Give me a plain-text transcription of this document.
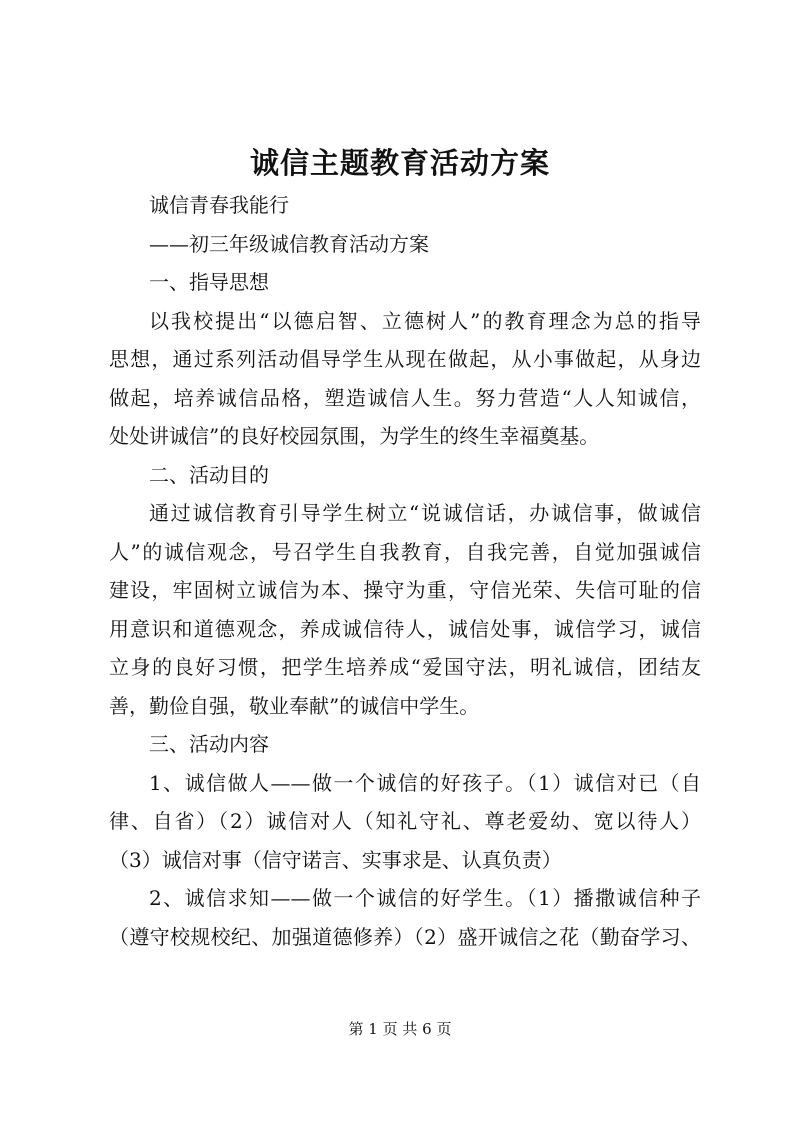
诚信主题教育活动方案
诚信青春我能行
——初三年级诚信教育活动方案
一、指导思想
以我校提出“以德启智、立德树人”的教育理念为总的指导
思想，通过系列活动倡导学生从现在做起，从小事做起，从身边
做起，培养诚信品格，塑造诚信人生。努力营造“人人知诚信，
处处讲诚信”的良好校园氛围，为学生的终生幸福奠基。
二、活动目的
通过诚信教育引导学生树立“说诚信话，办诚信事，做诚信
人”的诚信观念，号召学生自我教育，自我完善，自觉加强诚信
建设，牢固树立诚信为本、操守为重，守信光荣、失信可耻的信
用意识和道德观念，养成诚信待人，诚信处事，诚信学习，诚信
立身的良好习惯，把学生培养成“爱国守法，明礼诚信，团结友
善，勤俭自强，敬业奉献”的诚信中学生。
三、活动内容
1、诚信做人——做一个诚信的好孩子。（1）诚信对已（自
律、自省）（2）诚信对人（知礼守礼、尊老爱幼、宽以待人）
（3）诚信对事（信守诺言、实事求是、认真负责）
2、诚信求知——做一个诚信的好学生。（1）播撒诚信种子
（遵守校规校纪、加强道德修养）（2）盛开诚信之花（勤奋学习、
第 1 页 共 6 页
